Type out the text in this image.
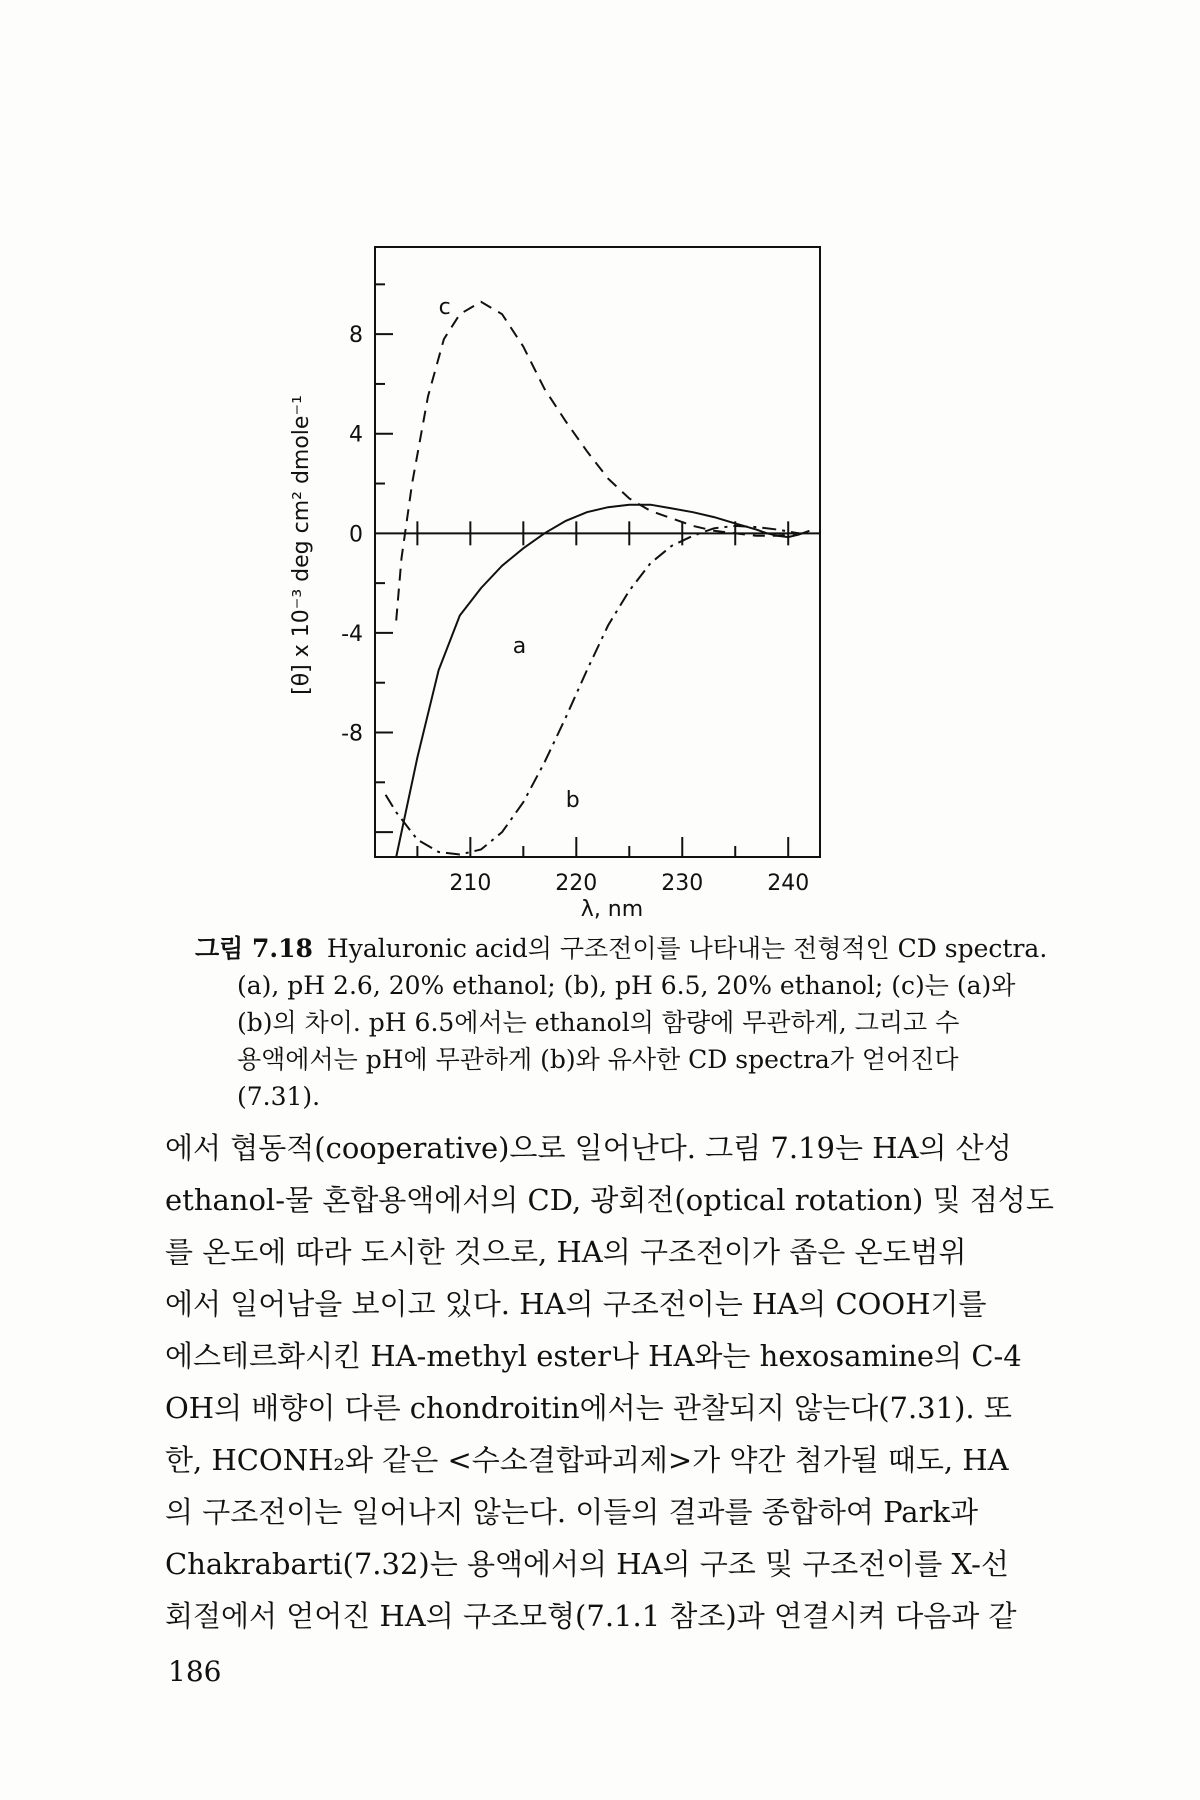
-8
-4
0
4
8
210	220	230	240
a
b
c
[θ] x 10⁻³ deg cm² dmole⁻¹
λ, nm
그림 7.18 Hyaluronic acid의 구조전이를 나타내는 전형적인 CD spectra.
(a), pH 2.6, 20% ethanol; (b), pH 6.5, 20% ethanol; (c)는 (a)와
(b)의 차이. pH 6.5에서는 ethanol의 함량에 무관하게, 그리고 수
용액에서는 pH에 무관하게 (b)와 유사한 CD spectra가 얻어진다
(7.31).
에서 협동적(cooperative)으로 일어난다. 그림 7.19는 HA의 산성
ethanol-물 혼합용액에서의 CD, 광회전(optical rotation) 및 점성도
를 온도에 따라 도시한 것으로, HA의 구조전이가 좁은 온도범위
에서 일어남을 보이고 있다. HA의 구조전이는 HA의 COOH기를
에스테르화시킨 HA-methyl ester나 HA와는 hexosamine의 C-4
OH의 배향이 다른 chondroitin에서는 관찰되지 않는다(7.31). 또
한, HCONH₂와 같은 <수소결합파괴제>가 약간 첨가될 때도, HA
의 구조전이는 일어나지 않는다. 이들의 결과를 종합하여 Park과
Chakrabarti(7.32)는 용액에서의 HA의 구조 및 구조전이를 X-선
회절에서 얻어진 HA의 구조모형(7.1.1 참조)과 연결시켜 다음과 같
186
